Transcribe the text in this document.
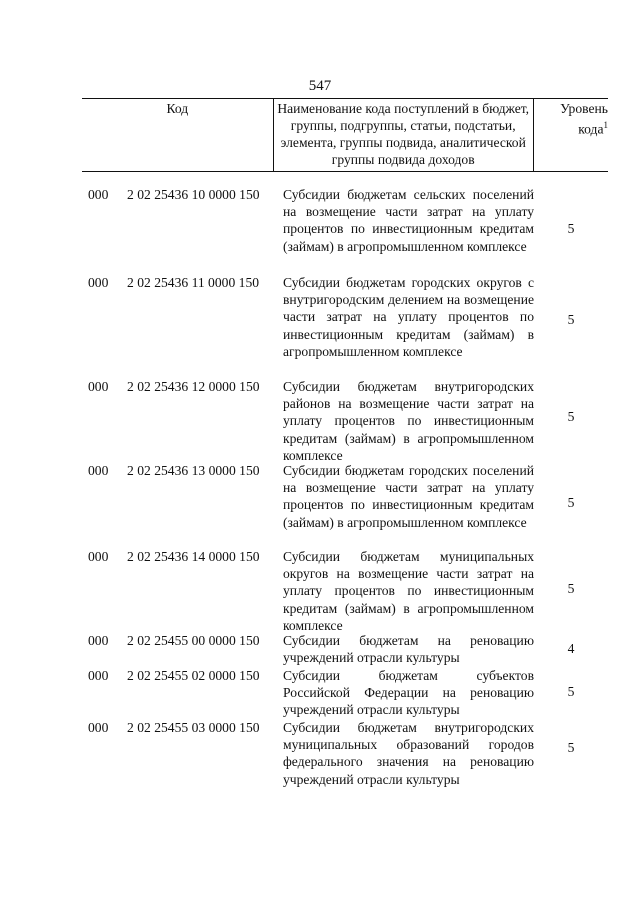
547
Код	Наименование кода поступлений в бюджет, группы, подгруппы, статьи, подстатьи, элемента, группы подвида, аналитической группы подвида доходов	Уровень кода$^1$
000 2 02 25436 10 0000 150 Субсидии бюджетам сельских поселений на возмещение части затрат на уплату процентов по инвестиционным кредитам (займам) в агропромышленном комплексе
5
000 2 02 25436 11 0000 150 Субсидии бюджетам городских округов с внутригородским делением на возмещение части затрат на уплату процентов по инвестиционным кредитам (займам) в агропромышленном комплексе
5
000 2 02 25436 12 0000 150 Субсидии бюджетам внутригородских районов на возмещение части затрат на уплату процентов по инвестиционным кредитам (займам) в агропромышленном комплексе
5
000 2 02 25436 13 0000 150 Субсидии бюджетам городских поселений на возмещение части затрат на уплату процентов по инвестиционным кредитам (займам) в агропромышленном комплексе
5
000 2 02 25436 14 0000 150 Субсидии бюджетам муниципальных округов на возмещение части затрат на уплату процентов по инвестиционным кредитам (займам) в агропромышленном комплексе
5
000 2 02 25455 00 0000 150 Субсидии бюджетам на реновацию учреждений отрасли культуры
4
000 2 02 25455 02 0000 150 Субсидии бюджетам субъектов Российской Федерации на реновацию учреждений отрасли культуры
5
000 2 02 25455 03 0000 150 Субсидии бюджетам внутригородских муниципальных образований городов федерального значения на реновацию учреждений отрасли культуры
5
